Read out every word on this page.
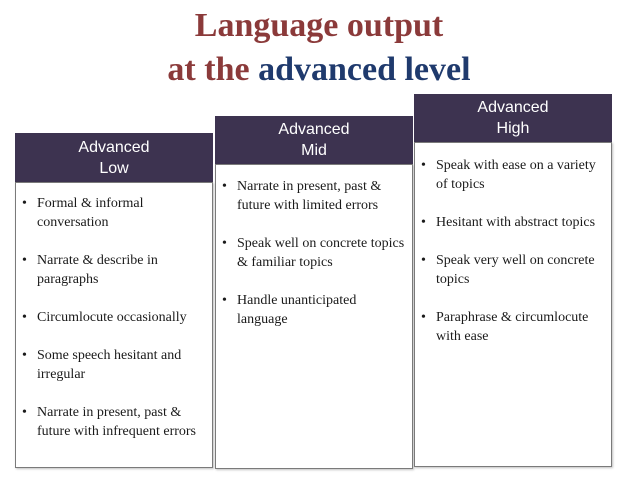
Language output
at the advanced level
Advanced
Low
• Formal & informal conversation
• Narrate & describe in paragraphs
• Circumlocute occasionally
• Some speech hesitant and irregular
• Narrate in present, past & future with infrequent errors
Advanced
Mid
• Narrate in present, past & future with limited errors
• Speak well on concrete topics & familiar topics
• Handle unanticipated language
Advanced
High
• Speak with ease on a variety of topics
• Hesitant with abstract topics
• Speak very well on concrete topics
• Paraphrase & circumlocute with ease
